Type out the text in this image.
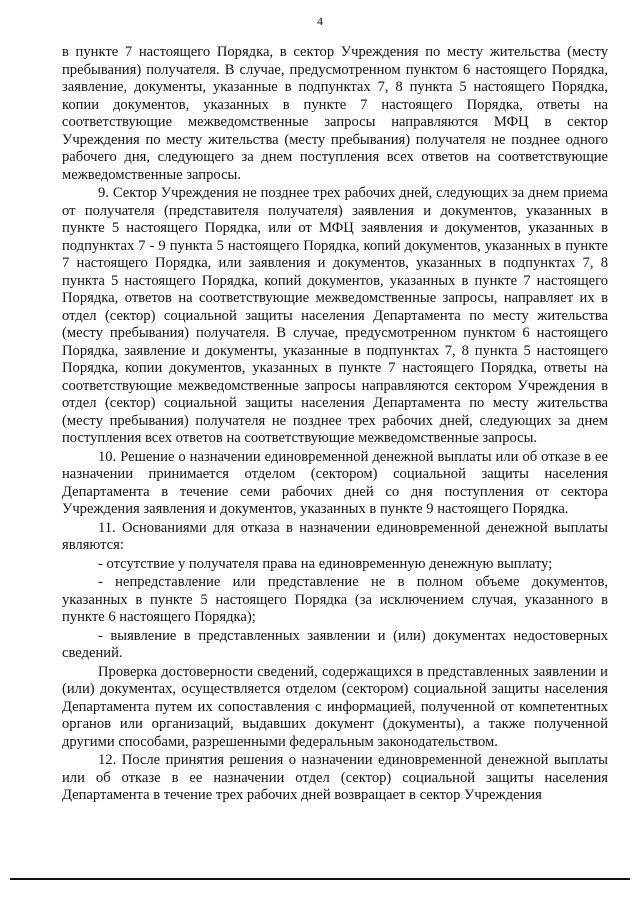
4

в пункте 7 настоящего Порядка, в сектор Учреждения по месту жительства (месту пребывания) получателя. В случае, предусмотренном пунктом 6 настоящего Порядка, заявление, документы, указанные в подпунктах 7, 8 пункта 5 настоящего Порядка, копии документов, указанных в пункте 7 настоящего Порядка, ответы на соответствующие межведомственные запросы направляются МФЦ в сектор Учреждения по месту жительства (месту пребывания) получателя не позднее одного рабочего дня, следующего за днем поступления всех ответов на соответствующие межведомственные запросы.

9. Сектор Учреждения не позднее трех рабочих дней, следующих за днем приема от получателя (представителя получателя) заявления и документов, указанных в пункте 5 настоящего Порядка, или от МФЦ заявления и документов, указанных в подпунктах 7 - 9 пункта 5 настоящего Порядка, копий документов, указанных в пункте 7 настоящего Порядка, или заявления и документов, указанных в подпунктах 7, 8 пункта 5 настоящего Порядка, копий документов, указанных в пункте 7 настоящего Порядка, ответов на соответствующие межведомственные запросы, направляет их в отдел (сектор) социальной защиты населения Департамента по месту жительства (месту пребывания) получателя. В случае, предусмотренном пунктом 6 настоящего Порядка, заявление и документы, указанные в подпунктах 7, 8 пункта 5 настоящего Порядка, копии документов, указанных в пункте 7 настоящего Порядка, ответы на соответствующие межведомственные запросы направляются сектором Учреждения в отдел (сектор) социальной защиты населения Департамента по месту жительства (месту пребывания) получателя не позднее трех рабочих дней, следующих за днем поступления всех ответов на соответствующие межведомственные запросы.

10. Решение о назначении единовременной денежной выплаты или об отказе в ее назначении принимается отделом (сектором) социальной защиты населения Департамента в течение семи рабочих дней со дня поступления от сектора Учреждения заявления и документов, указанных в пункте 9 настоящего Порядка.

11. Основаниями для отказа в назначении единовременной денежной выплаты являются:

- отсутствие у получателя права на единовременную денежную выплату;

- непредставление или представление не в полном объеме документов, указанных в пункте 5 настоящего Порядка (за исключением случая, указанного в пункте 6 настоящего Порядка);

- выявление в представленных заявлении и (или) документах недостоверных сведений.

Проверка достоверности сведений, содержащихся в представленных заявлении и (или) документах, осуществляется отделом (сектором) социальной защиты населения Департамента путем их сопоставления с информацией, полученной от компетентных органов или организаций, выдавших документ (документы), а также полученной другими способами, разрешенными федеральным законодательством.

12. После принятия решения о назначении единовременной денежной выплаты или об отказе в ее назначении отдел (сектор) социальной защиты населения Департамента в течение трех рабочих дней возвращает в сектор Учреждения
